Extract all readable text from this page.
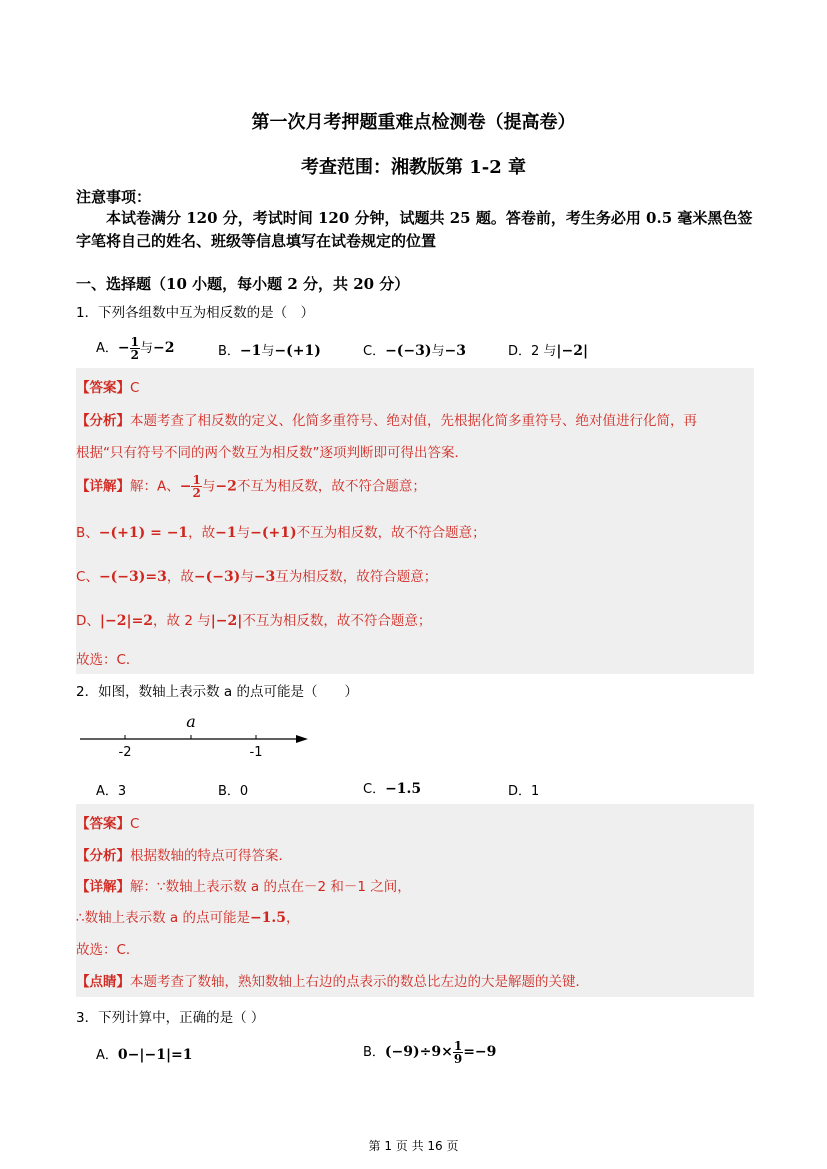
第一次月考押题重难点检测卷（提高卷）
考查范围：湘教版第 1-2 章
注意事项：
本试卷满分 120 分，考试时间 120 分钟，试题共 25 题。答卷前，考生务必用 0.5 毫米黑色签字笔将自己的姓名、班级等信息填写在试卷规定的位置
一、选择题（10 小题，每小题 2 分，共 20 分）
1．下列各组数中互为相反数的是（　）
A．− $\frac{1}{2}$ 与−2	B．−1与−(+1)	C．−(−3)与−3	D．2 与|−2|
【答案】C
【分析】本题考查了相反数的定义、化简多重符号、绝对值，先根据化简多重符号、绝对值进行化简，再
根据“只有符号不同的两个数互为相反数”逐项判断即可得出答案．
【详解】解：A、− $\frac{1}{2}$ 与−2不互为相反数，故不符合题意；
B、−(+1) = −1，故−1与−(+1)不互为相反数，故不符合题意；
C、−(−3)=3，故−(−3)与−3互为相反数，故符合题意；
D、|−2|=2，故 2 与|−2|不互为相反数，故不符合题意；
故选：C．
2．如图，数轴上表示数 a 的点可能是（　　）
a
-2	-1
A．3	B．0	C．−1.5	D．1
【答案】C
【分析】根据数轴的特点可得答案．
【详解】解：∵数轴上表示数 a 的点在－2 和－1 之间，
∴数轴上表示数 a 的点可能是−1.5，
故选：C．
【点睛】本题考查了数轴，熟知数轴上右边的点表示的数总比左边的大是解题的关键．
3．下列计算中，正确的是（ ）
A．0−|−1|=1	B．$(-9)\div 9\times \frac{1}{9} =-9$
第 1 页 共 16 页
